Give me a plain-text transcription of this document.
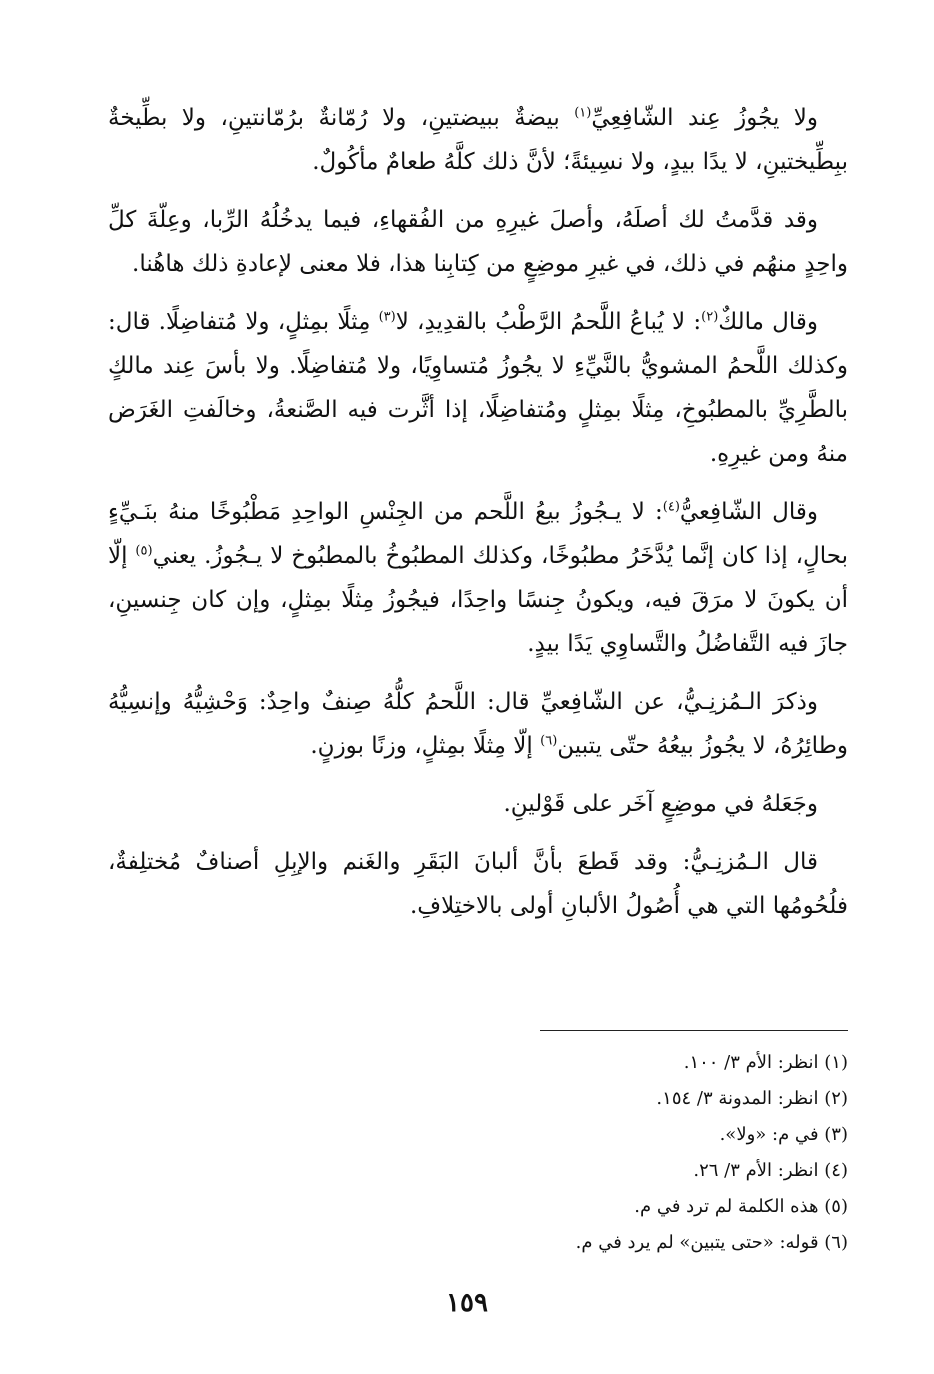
ولا يجُوزُ عِند الشّافِعِيِّ$^{(١)}$ بيضةٌ ببيضتينِ، ولا رُمّانةٌ برُمّانتينِ، ولا بطِّيخةٌ ببِطِّيختينِ، لا يدًا بيدٍ، ولا نسِيئةً؛ لأنَّ ذلك كلَّهُ طعامٌ مأكُولٌ.

وقد قدَّمتُ لك أصلَهُ، وأصلَ غيرِهِ من الفُقهاءِ، فيما يدخُلُهُ الرِّبا، وعِلّةَ كلِّ واحِدٍ منهُم في ذلك، في غيرِ موضِعٍ من كِتابِنا هذا، فلا معنى لإعادةِ ذلك هاهُنا.

وقال مالكٌ$^{(٢)}$: لا يُباعُ اللَّحمُ الرَّطْبُ بالقدِيدِ، لا$^{(٣)}$ مِثلًا بمِثلٍ، ولا مُتفاضِلًا. قال: وكذلك اللَّحمُ المشويُّ بالنَّيِّءِ لا يجُوزُ مُتساوِيًا، ولا مُتفاضِلًا. ولا بأسَ عِند مالكٍ بالطَّرِيِّ بالمطبُوخِ، مِثلًا بمِثلٍ ومُتفاضِلًا، إذا أثَّرت فيه الصَّنعةُ، وخالَفتِ الغَرَض منهُ ومن غيرِهِ.

وقال الشّافِعيُّ$^{(٤)}$: لا يـجُوزُ بيعُ اللَّحم من الجِنْسِ الواحِدِ مَطْبُوخًا منهُ بنَـيِّءٍ بحالٍ، إذا كان إنَّما يُدَّخَرُ مطبُوخًا، وكذلك المطبُوخُ بالمطبُوخ لا يـجُوزُ. يعني$^{(٥)}$ إلّا أن يكونَ لا مرَقَ فيه، ويكونُ جِنسًا واحِدًا، فيجُوزُ مِثلًا بمِثلٍ، وإن كان جِنسينِ، جازَ فيه التَّفاضُلُ والتَّساوِي يَدًا بيدٍ.

وذكرَ الـمُزنِـيُّ، عن الشّافِعيِّ قال: اللَّحمُ كلُّهُ صِنفٌ واحِدٌ: وَحْشِيُّهُ وإنسِيُّهُ وطائِرُهُ، لا يجُوزُ بيعُهُ حتّى يتبين$^{(٦)}$ إلّا مِثلًا بمِثلٍ، وزنًا بوزنٍ.

وجَعَلهُ في موضِعٍ آخَر على قَوْلينِ.

قال الـمُزنِـيُّ: وقد قَطعَ بأنَّ ألبانَ البَقَرِ والغَنم والإبِلِ أصنافٌ مُختلِفةٌ، فلُحُومُها التي هي أُصُولُ الألبانِ أولى بالاختِلافِ.

(١) انظر: الأم ٣/ ١٠٠.

(٢) انظر: المدونة ٣/ ١٥٤.

(٣) في م: «ولا».

(٤) انظر: الأم ٣/ ٢٦.

(٥) هذه الكلمة لم ترد في م.

(٦) قوله: «حتى يتبين» لم يرد في م.

١٥٩
